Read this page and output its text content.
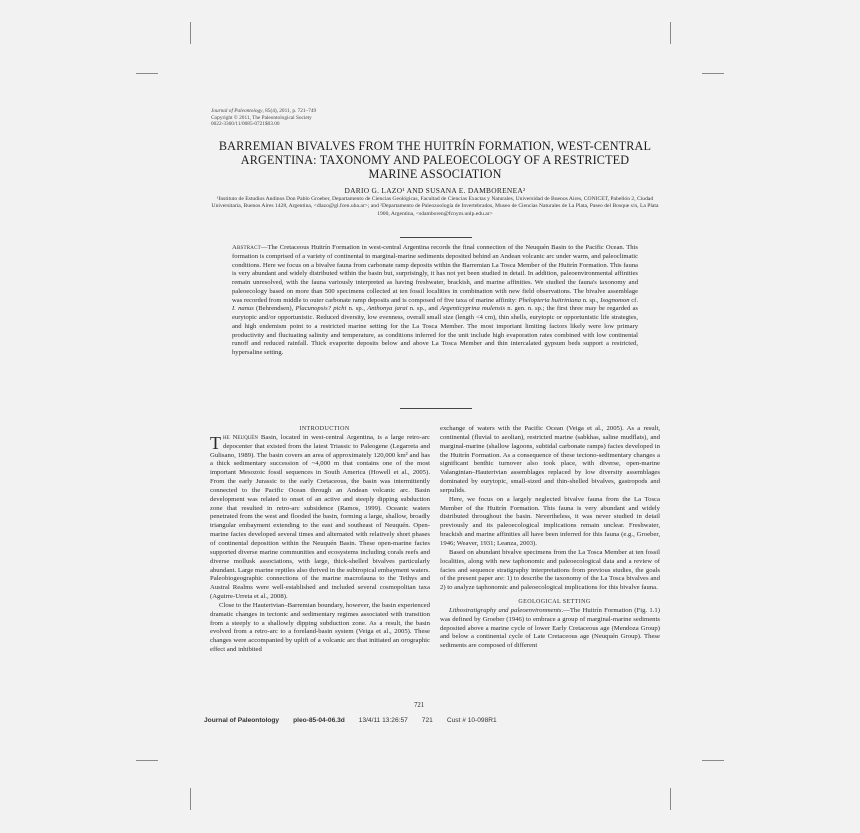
Journal of Paleontology, 85(4), 2011, p. 721–749
Copyright © 2011, The Paleontological Society
0022-3360/11/0085-0721$03.00
BARREMIAN BIVALVES FROM THE HUITRÍN FORMATION, WEST-CENTRAL ARGENTINA: TAXONOMY AND PALEOECOLOGY OF A RESTRICTED MARINE ASSOCIATION
DARIO G. LAZO¹ AND SUSANA E. DAMBORENEA²
¹Instituto de Estudios Andinos Don Pablo Groeber, Departamento de Ciencias Geológicas, Facultad de Ciencias Exactas y Naturales, Universidad de Buenos Aires, CONICET, Pabellón 2, Ciudad Universitaria, Buenos Aires 1428, Argentina, <dlazo@gl.fcen.uba.ar>; and ²Departamento de Paleozoología de Invertebrados, Museo de Ciencias Naturales de La Plata, Paseo del Bosque s/n, La Plata 1900, Argentina, <sdamboren@fcnym.unlp.edu.ar>
Abstract—The Cretaceous Huitrín Formation in west-central Argentina records the final connection of the Neuquén Basin to the Pacific Ocean. This formation is comprised of a variety of continental to marginal-marine sediments deposited behind an Andean volcanic arc under warm, and paleoclimatic conditions. Here we focus on a bivalve fauna from carbonate ramp deposits within the Barremian La Tosca Member of the Huitrín Formation. This fauna is very abundant and widely distributed within the basin but, surprisingly, it has not yet been studied in detail. In addition, paleoenvironmental affinities remain unresolved, with the fauna variously interpreted as having freshwater, brackish, and marine affinities. We studied the fauna's taxonomy and paleoecology based on more than 500 specimens collected at ten fossil localities in combination with new field observations. The bivalve assemblage was recorded from middle to outer carbonate ramp deposits and is composed of five taxa of marine affinity: Phelopteria huitriniana n. sp., Isognomon cf. I. nanus (Behrendsen), Placunopsis? pichi n. sp., Anthonya jarai n. sp., and Argenticyprina mulensis n. gen. n. sp.; the first three may be regarded as eurytopic and/or opportunistic. Reduced diversity, low evenness, overall small size (length <4 cm), thin shells, eurytopic or opportunistic life strategies, and high endemism point to a restricted marine setting for the La Tosca Member. The most important limiting factors likely were low primary productivity and fluctuating salinity and temperature, as conditions inferred for the unit include high evaporation rates combined with low continental runoff and reduced rainfall. Thick evaporite deposits below and above La Tosca Member and thin intercalated gypsum beds support a restricted, hypersaline setting.

INTRODUCTION

The Neuquén Basin, located in west-central Argentina, is a large retro-arc depocenter that existed from the latest Triassic to Paleogene (Legarreta and Gulisano, 1989). The basin covers an area of approximately 120,000 km² and has a thick sedimentary succession of ~4,000 m that contains one of the most important Mesozoic fossil sequences in South America (Howell et al., 2005). From the early Jurassic to the early Cretaceous, the basin was intermittently connected to the Pacific Ocean through an Andean volcanic arc. Basin development was related to onset of an active and steeply dipping subduction zone that resulted in retro-arc subsidence (Ramos, 1999). Oceanic waters penetrated from the west and flooded the basin, forming a large, shallow, broadly triangular embayment extending to the east and southeast of Neuquén. Open-marine facies developed several times and alternated with relatively short phases of continental deposition within the Neuquén Basin. These open-marine facies supported diverse marine communities and ecosystems including corals reefs and diverse mollusk associations, with large, thick-shelled bivalves particularly abundant. Large marine reptiles also thrived in the subtropical embayment waters. Paleobiogeographic connections of the marine macrofauna to the Tethys and Austral Realms were well-established and included several cosmopolitan taxa (Aguirre-Urreta et al., 2008).

Close to the Hauterivian–Barremian boundary, however, the basin experienced dramatic changes in tectonic and sedimentary regimes associated with transition from a steeply to a shallowly dipping subduction zone. As a result, the basin evolved from a retro-arc to a foreland-basin system (Veiga et al., 2005). These changes were accompanied by uplift of a volcanic arc that initiated an orographic effect and inhibited

exchange of waters with the Pacific Ocean (Veiga et al., 2005). As a result, continental (fluvial to aeolian), restricted marine (sabkhas, saline mudflats), and marginal-marine (shallow lagoons, subtidal carbonate ramps) facies developed in the Huitrín Formation. As a consequence of these tectono-sedimentary changes a significant benthic turnover also took place, with diverse, open-marine Valanginian–Hauterivian assemblages replaced by low diversity assemblages dominated by eurytopic, small-sized and thin-shelled bivalves, gastropods and serpulids.

Here, we focus on a largely neglected bivalve fauna from the La Tosca Member of the Huitrín Formation. This fauna is very abundant and widely distributed throughout the basin. Nevertheless, it was never studied in detail previously and its paleoecological implications remain unclear. Freshwater, brackish and marine affinities all have been inferred for this fauna (e.g., Groeber, 1946; Weaver, 1931; Leanza, 2003).

Based on abundant bivalve specimens from the La Tosca Member at ten fossil localities, along with new taphonomic and paleoecological data and a review of facies and sequence stratigraphy interpretations from previous studies, the goals of the present paper are: 1) to describe the taxonomy of the La Tosca bivalves and 2) to analyze taphonomic and paleoecological implications for this bivalve fauna.

GEOLOGICAL SETTING

Lithostratigraphy and paleoenvironments.—The Huitrín Formation (Fig. 1.1) was defined by Groeber (1946) to embrace a group of marginal-marine sediments deposited above a marine cycle of lower Early Cretaceous age (Mendoza Group) and below a continental cycle of Late Cretaceous age (Neuquén Group). These sediments are composed of different

721
Journal of Paleontology pleo-85-04-06.3d 13/4/11 13:26:57 721 Cust # 10-098R1
